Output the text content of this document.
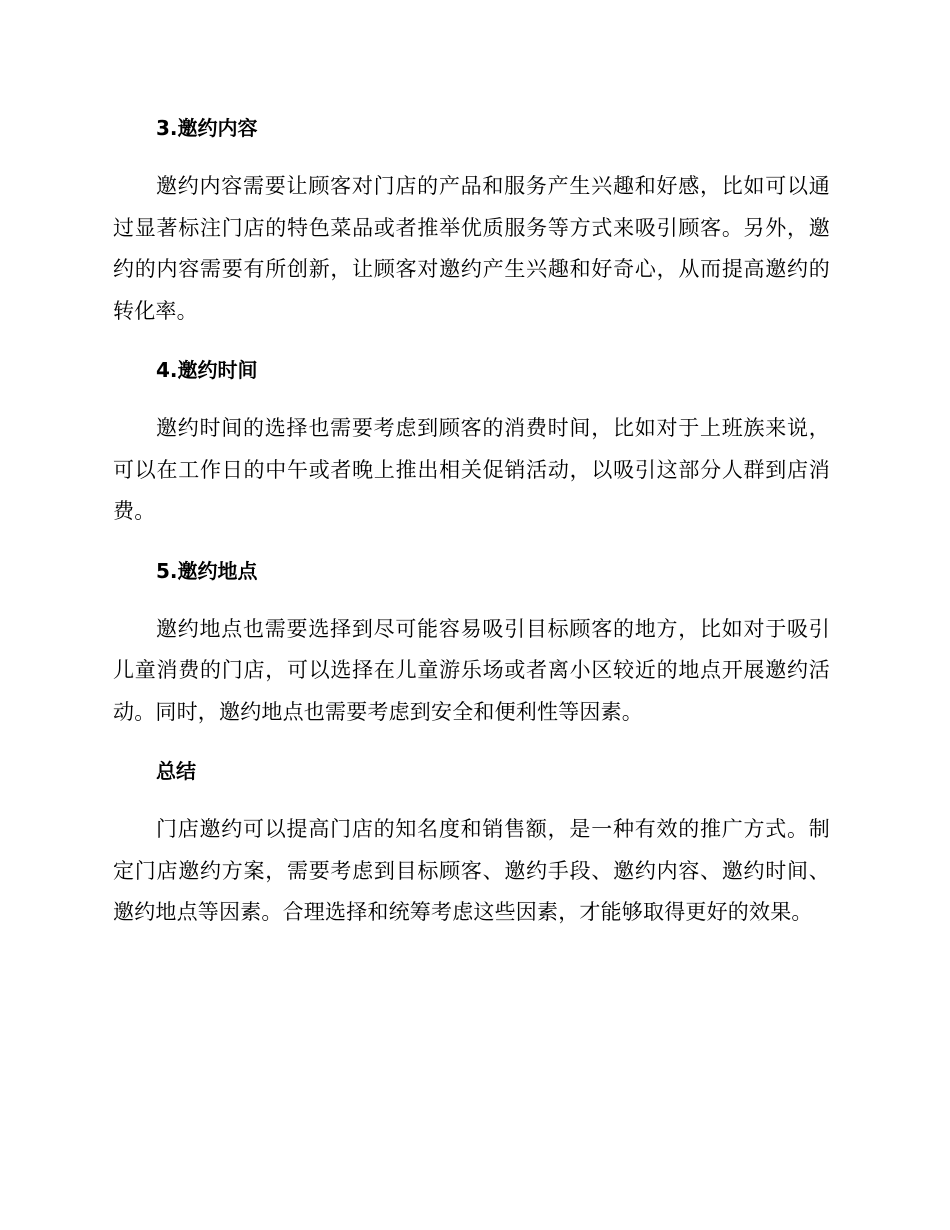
3.邀约内容

邀约内容需要让顾客对门店的产品和服务产生兴趣和好感，比如可以通过显著标注门店的特色菜品或者推举优质服务等方式来吸引顾客。另外，邀约的内容需要有所创新，让顾客对邀约产生兴趣和好奇心，从而提高邀约的转化率。

4.邀约时间

邀约时间的选择也需要考虑到顾客的消费时间，比如对于上班族来说，可以在工作日的中午或者晚上推出相关促销活动，以吸引这部分人群到店消费。

5.邀约地点

邀约地点也需要选择到尽可能容易吸引目标顾客的地方，比如对于吸引儿童消费的门店，可以选择在儿童游乐场或者离小区较近的地点开展邀约活动。同时，邀约地点也需要考虑到安全和便利性等因素。

总结

门店邀约可以提高门店的知名度和销售额，是一种有效的推广方式。制定门店邀约方案，需要考虑到目标顾客、邀约手段、邀约内容、邀约时间、邀约地点等因素。合理选择和统筹考虑这些因素，才能够取得更好的效果。
